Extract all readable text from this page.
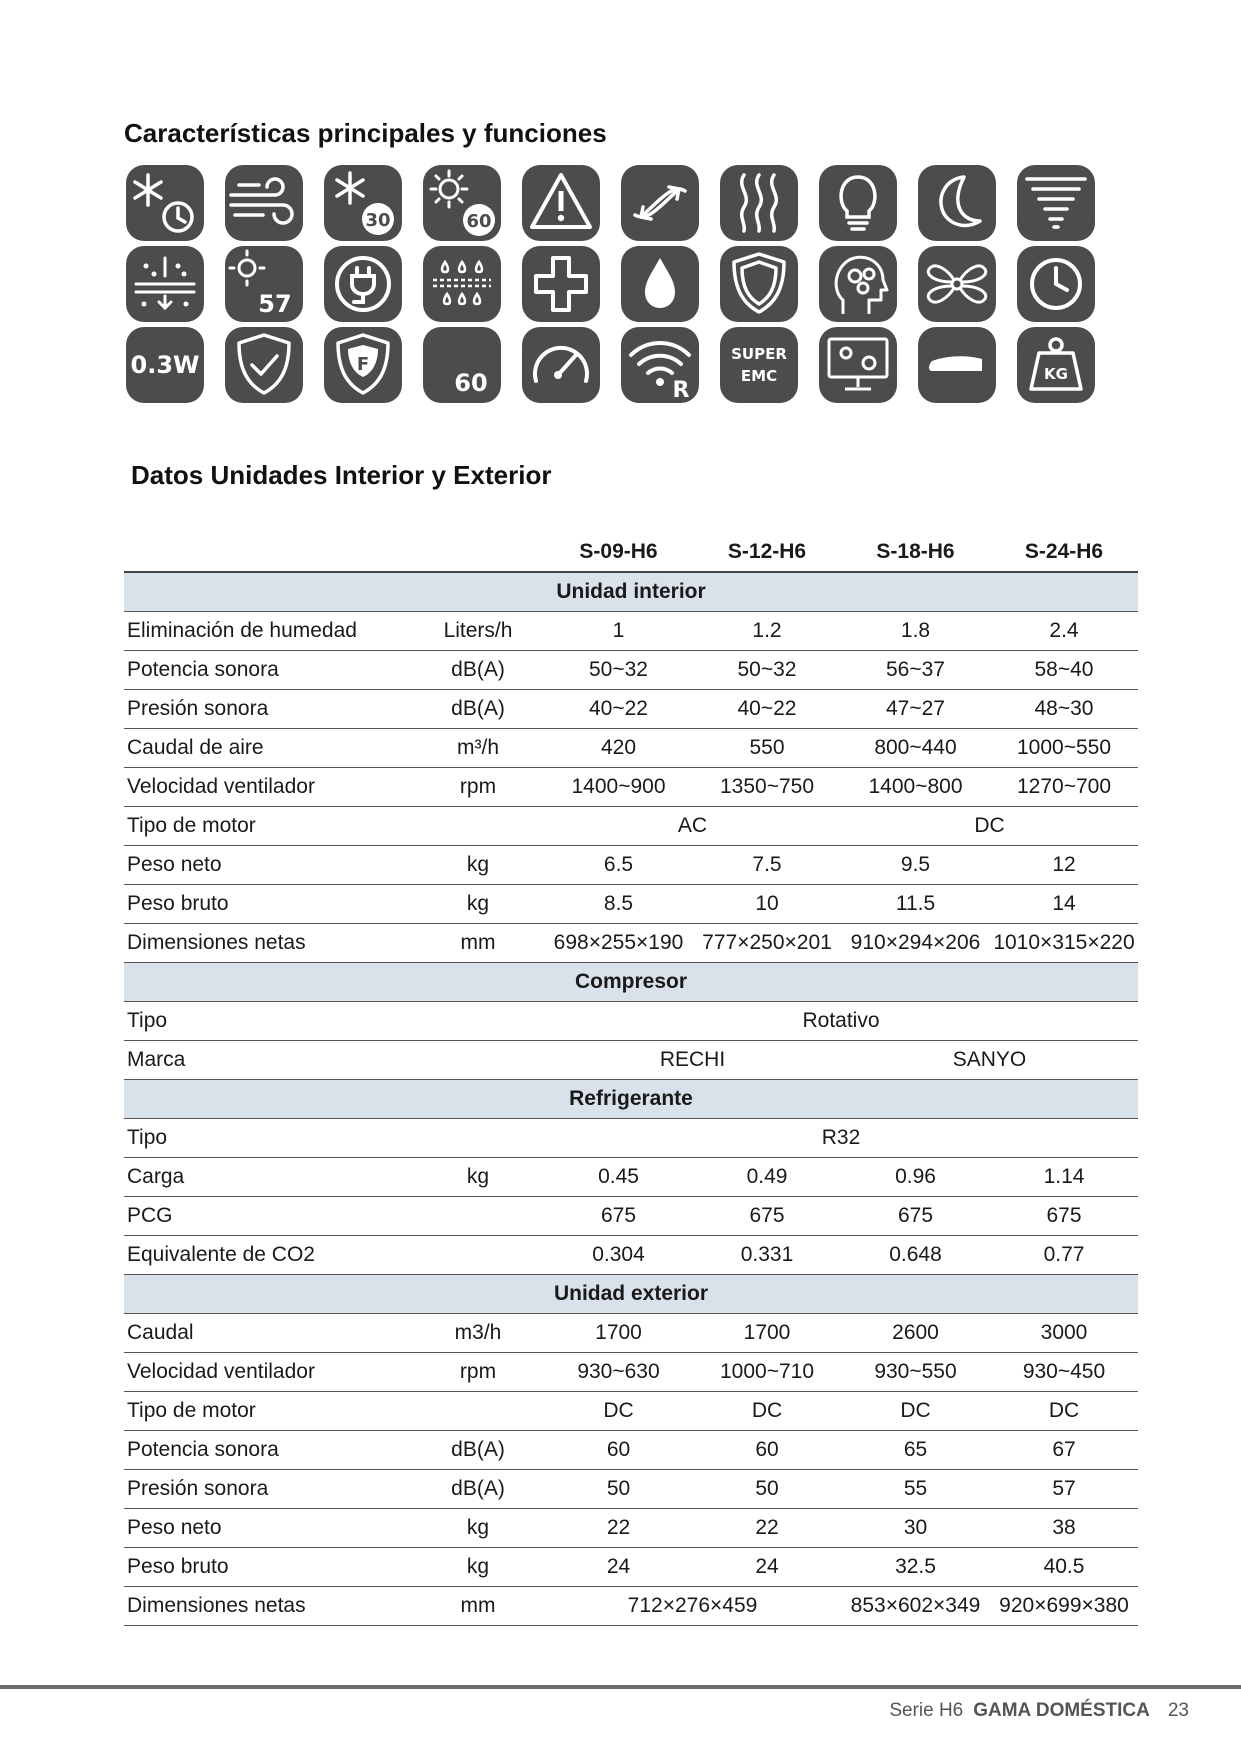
Características principales y funciones
30	60
57
0.3W	F
60	R
SUPER
EMC	KG
Datos Unidades Interior y Exterior
		S-09-H6	S-12-H6	S-18-H6	S-24-H6
Unidad interior					
Eliminación de humedad	Liters/h	1	1.2	1.8	2.4
Potencia sonora	dB(A)	50~32	50~32	56~37	58~40
Presión sonora	dB(A)	40~22	40~22	47~27	48~30
Caudal de aire	m³/h	420	550	800~440	1000~550
Velocidad ventilador	rpm	1400~900	1350~750	1400~800	1270~700
Tipo de motor		AC		DC	
Peso neto	kg	6.5	7.5	9.5	12
Peso bruto	kg	8.5	10	11.5	14
Dimensiones netas	mm	698×255×190	777×250×201	910×294×206	1010×315×220
Compresor					
Tipo		Rotativo			
Marca		RECHI		SANYO	
Refrigerante					
Tipo		R32			
Carga	kg	0.45	0.49	0.96	1.14
PCG		675	675	675	675
Equivalente de CO2		0.304	0.331	0.648	0.77
Unidad exterior					
Caudal	m3/h	1700	1700	2600	3000
Velocidad ventilador	rpm	930~630	1000~710	930~550	930~450
Tipo de motor		DC	DC	DC	DC
Potencia sonora	dB(A)	60	60	65	67
Presión sonora	dB(A)	50	50	55	57
Peso neto	kg	22	22	30	38
Peso bruto	kg	24	24	32.5	40.5
Dimensiones netas	mm	712×276×459		853×602×349	920×699×380
Serie H6 GAMA DOMÉSTICA 23
